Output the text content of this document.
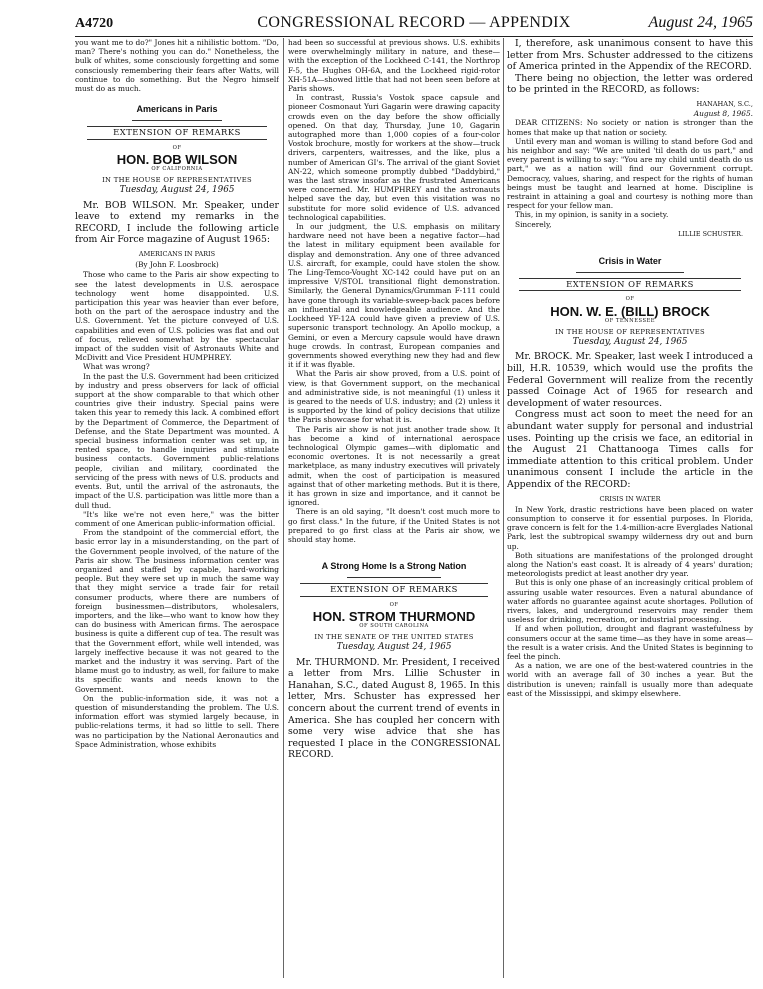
A4720	CONGRESSIONAL RECORD — APPENDIX	August 24, 1965

you want me to do?" Jones hit a nihilistic bottom. "Do, man? There's nothing you can do." Nonetheless, the bulk of whites, some consciously forgetting and some consciously remembering their fears after Watts, will continue to do something. But the Negro himself must do as much.

Americans in Paris
EXTENSION OF REMARKS
OF
HON. BOB WILSON
OF CALIFORNIA
IN THE HOUSE OF REPRESENTATIVES
Tuesday, August 24, 1965

Mr. BOB WILSON. Mr. Speaker, under leave to extend my remarks in the RECORD, I include the following article from Air Force magazine of August 1965:

AMERICANS IN PARIS
(By John F. Loosbrock)

Those who came to the Paris air show expecting to see the latest developments in U.S. aerospace technology went home disappointed. U.S. participation this year was heavier than ever before, both on the part of the aerospace industry and the U.S. Government. Yet the picture conveyed of U.S. capabilities and even of U.S. policies was flat and out of focus, relieved somewhat by the spectacular impact of the sudden visit of Astronauts White and McDivitt and Vice President HUMPHREY.

What was wrong?

In the past the U.S. Government had been criticized by industry and press observers for lack of official support at the show comparable to that which other countries give their industry. Special pains were taken this year to remedy this lack. A combined effort by the Department of Commerce, the Department of Defense, and the State Department was mounted. A special business information center was set up, in rented space, to handle inquiries and stimulate business contacts. Government public-relations people, civilian and military, coordinated the servicing of the press with news of U.S. products and events. But, until the arrival of the astronauts, the impact of the U.S. participation was little more than a dull thud.

"It's like we're not even here," was the bitter comment of one American public-information official.

From the standpoint of the commercial effort, the basic error lay in a misunderstanding, on the part of the Government people involved, of the nature of the Paris air show. The business information center was organized and staffed by capable, hard-working people. But they were set up in much the same way that they might service a trade fair for retail consumer products, where there are numbers of foreign businessmen—distributors, wholesalers, importers, and the like—who want to know how they can do business with American firms. The aerospace business is quite a different cup of tea. The result was that the Government effort, while well intended, was largely ineffective because it was not geared to the market and the industry it was serving. Part of the blame must go to industry, as well, for failure to make its specific wants and needs known to the Government.

On the public-information side, it was not a question of misunderstanding the problem. The U.S. information effort was stymied largely because, in public-relations terms, it had so little to sell. There was no participation by the National Aeronautics and Space Administration, whose exhibits

had been so successful at previous shows. U.S. exhibits were overwhelmingly military in nature, and these—with the exception of the Lockheed C-141, the Northrop F-5, the Hughes OH-6A, and the Lockheed rigid-rotor XH-51A—showed little that had not been seen before at Paris shows.

In contrast, Russia's Vostok space capsule and pioneer Cosmonaut Yuri Gagarin were drawing capacity crowds even on the day before the show officially opened. On that day, Thursday, June 10, Gagarin autographed more than 1,000 copies of a four-color Vostok brochure, mostly for workers at the show—truck drivers, carpenters, waitresses, and the like, plus a number of American GI's. The arrival of the giant Soviet AN-22, which someone promptly dubbed "Daddybird," was the last straw insofar as the frustrated Americans were concerned. Mr. HUMPHREY and the astronauts helped save the day, but even this visitation was no substitute for more solid evidence of U.S. advanced technological capabilities.

In our judgment, the U.S. emphasis on military hardware need not have been a negative factor—had the latest in military equipment been available for display and demonstration. Any one of three advanced U.S. aircraft, for example, could have stolen the show. The Ling-Temco-Vought XC-142 could have put on an impressive V/STOL transitional flight demonstration. Similarly, the General Dynamics/Grumman F-111 could have gone through its variable-sweep-back paces before an influential and knowledgeable audience. And the Lockheed YF-12A could have given a preview of U.S. supersonic transport technology. An Apollo mockup, a Gemini, or even a Mercury capsule would have drawn huge crowds. In contrast, European companies and governments showed everything new they had and flew it if it was flyable.

What the Paris air show proved, from a U.S. point of view, is that Government support, on the mechanical and administrative side, is not meaningful (1) unless it is geared to the needs of U.S. industry; and (2) unless it is supported by the kind of policy decisions that utilize the Paris showcase for what it is.

The Paris air show is not just another trade show. It has become a kind of international aerospace technological Olympic games—with diplomatic and economic overtones. It is not necessarily a great marketplace, as many industry executives will privately admit, when the cost of participation is measured against that of other marketing methods. But it is there, it has grown in size and importance, and it cannot be ignored.

There is an old saying, "It doesn't cost much more to go first class." In the future, if the United States is not prepared to go first class at the Paris air show, we should stay home.

A Strong Home Is a Strong Nation
EXTENSION OF REMARKS
OF
HON. STROM THURMOND
OF SOUTH CAROLINA
IN THE SENATE OF THE UNITED STATES
Tuesday, August 24, 1965

Mr. THURMOND. Mr. President, I received a letter from Mrs. Lillie Schuster in Hanahan, S.C., dated August 8, 1965. In this letter, Mrs. Schuster has expressed her concern about the current trend of events in America. She has coupled her concern with some very wise advice that she has requested I place in the CONGRESSIONAL RECORD.

I, therefore, ask unanimous consent to have this letter from Mrs. Schuster addressed to the citizens of America printed in the Appendix of the RECORD.

There being no objection, the letter was ordered to be printed in the RECORD, as follows:

HANAHAN, S.C.,
August 8, 1965.

DEAR CITIZENS: No society or nation is stronger than the homes that make up that nation or society.

Until every man and woman is willing to stand before God and his neighbor and say: "We are united 'til death do us part," and every parent is willing to say: "You are my child until death do us part," we as a nation will find our Government corrupt. Democracy, values, sharing, and respect for the rights of human beings must be taught and learned at home. Discipline is restraint in attaining a goal and courtesy is nothing more than respect for your fellow man.

This, in my opinion, is sanity in a society.

Sincerely,

LILLIE SCHUSTER.
Crisis in Water
EXTENSION OF REMARKS
OF
HON. W. E. (BILL) BROCK
OF TENNESSEE
IN THE HOUSE OF REPRESENTATIVES
Tuesday, August 24, 1965

Mr. BROCK. Mr. Speaker, last week I introduced a bill, H.R. 10539, which would use the profits the Federal Government will realize from the recently passed Coinage Act of 1965 for research and development of water resources.

Congress must act soon to meet the need for an abundant water supply for personal and industrial uses. Pointing up the crisis we face, an editorial in the August 21 Chattanooga Times calls for immediate attention to this critical problem. Under unanimous consent I include the article in the Appendix of the RECORD:

CRISIS IN WATER

In New York, drastic restrictions have been placed on water consumption to conserve it for essential purposes. In Florida, grave concern is felt for the 1.4-million-acre Everglades National Park, lest the subtropical swampy wilderness dry out and burn up.

Both situations are manifestations of the prolonged drought along the Nation's east coast. It is already of 4 years' duration; meteorologists predict at least another dry year.

But this is only one phase of an increasingly critical problem of assuring usable water resources. Even a natural abundance of water affords no guarantee against acute shortages. Pollution of rivers, lakes, and underground reservoirs may render them useless for drinking, recreation, or industrial processing.

If and when pollution, drought and flagrant wastefulness by consumers occur at the same time—as they have in some areas—the result is a water crisis. And the United States is beginning to feel the pinch.

As a nation, we are one of the best-watered countries in the world with an average fall of 30 inches a year. But the distribution is uneven; rainfall is usually more than adequate east of the Mississippi, and skimpy elsewhere.
